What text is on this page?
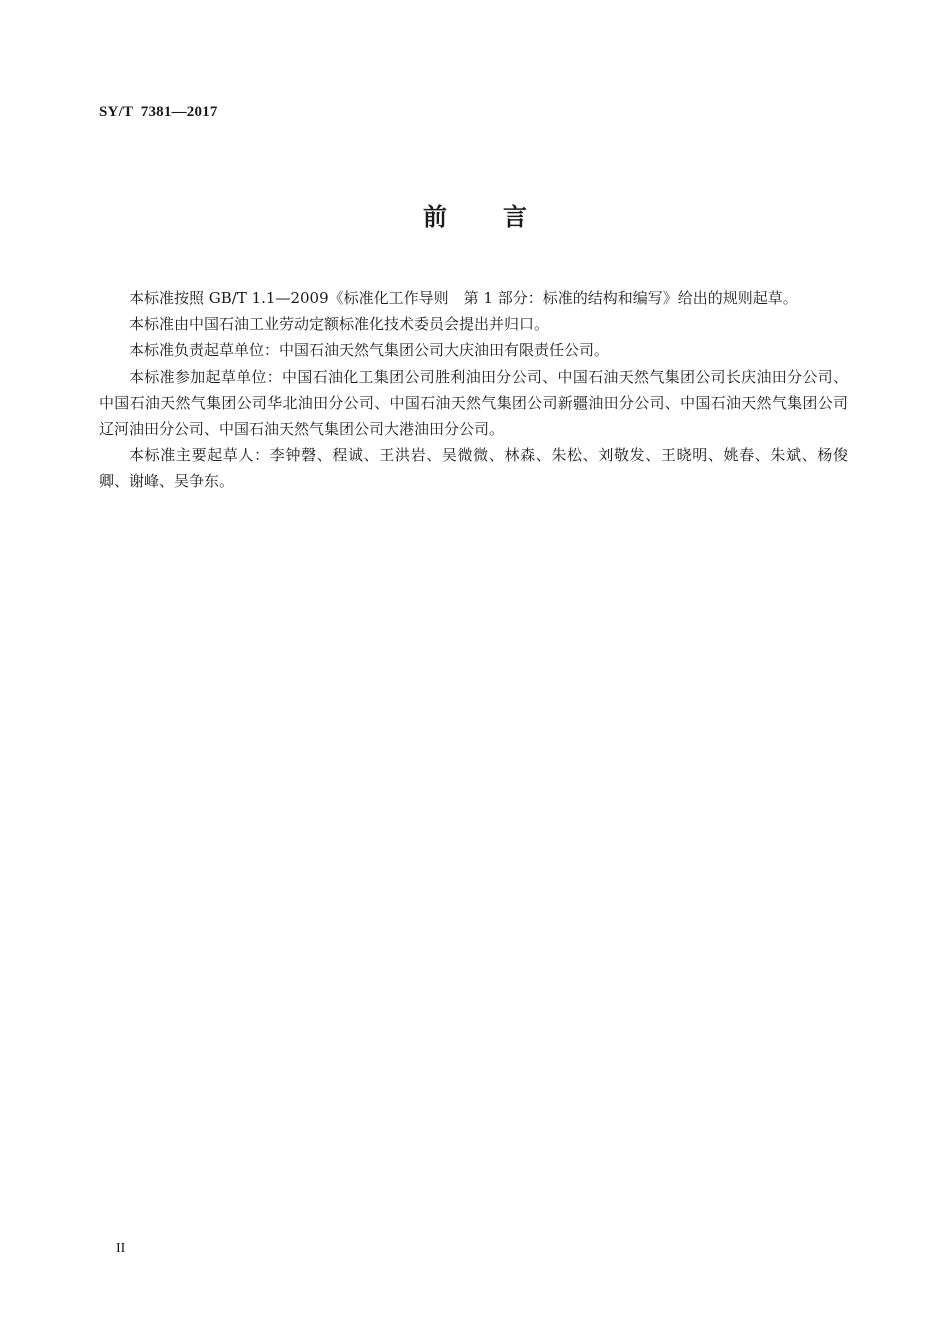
SY/T  7381—2017
前言

本标准按照 GB/T 1.1—2009《标准化工作导则　第 1 部分：标准的结构和编写》给出的规则起草。

本标准由中国石油工业劳动定额标准化技术委员会提出并归口。

本标准负责起草单位：中国石油天然气集团公司大庆油田有限责任公司。

本标准参加起草单位：中国石油化工集团公司胜利油田分公司、中国石油天然气集团公司长庆油田分公司、中国石油天然气集团公司华北油田分公司、中国石油天然气集团公司新疆油田分公司、中国石油天然气集团公司辽河油田分公司、中国石油天然气集团公司大港油田分公司。

本标准主要起草人：李钟磬、程诚、王洪岩、吴微微、林森、朱松、刘敬发、王晓明、姚春、朱斌、杨俊卿、谢峰、吴争东。

II
